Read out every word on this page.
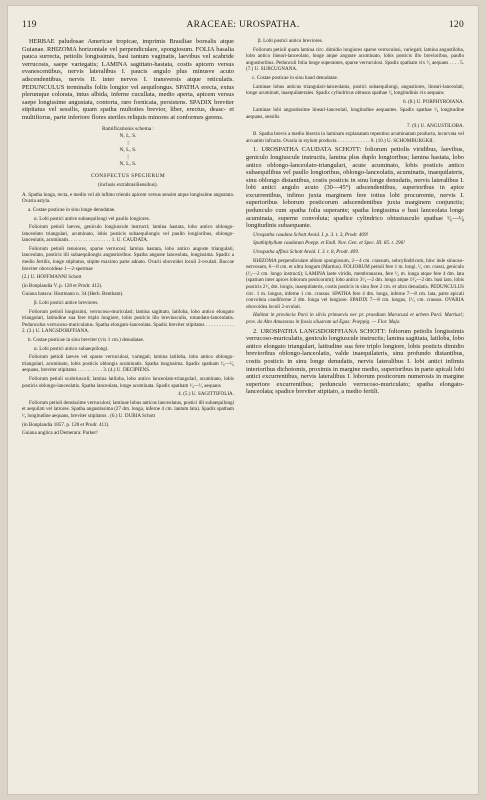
119	ARACEAE: UROSPATHA.	120

HERBAE paludosae Americae tropicae, imprimis Brasiliae borealis atque Guianae. RHIZOMA horizontale vel perpendiculare, spongiosum. FOLIA basalia pauca surrecta, petiolis longissimis, basi tantum vaginatis, laevibus vel scabride verrucosis, saepe variegatis; LAMINA sagittato-hastata, costis apicem versus evanescentibus, nervis lateralibus I. paucis angulo plus minusve acuto adscendentibus, nervis II. inter nervos I. transversis atque reticulatis. PEDUNCULUS terminalis foliis longior vel aequilongus. SPATHA erecta, extus plerumque colorata, intus albida, inferne cucullata, medio aperta, apicem versus saepe longissime angustata, contorta, raro fornicata, persistens. SPADIX breviter stipitatus vel sessilis, quam spatha multoties brevior, liber, erectus, deasc- et multifiorus, parte inferiore flores steriles reliquis minores at conformes gerens.

Ramificationis schema :
N, L, S.
|
N, L, S.
|
N, L, S.
CONSPECTUS SPECIERUM
(inclusis extrabrasiliensibus).

A. Spatha longa, recta, e medio vel ab infimo trientis apicem versus sensim atque longissime angustata. Ovaria astyla.

a. Costae posticae in sinu longe denudatae.

α. Lobi postici antice subaequilongi vel paullo longiores.

Foliorum petioli laeves, geniculo longiuscule instructi; lamina hastata, lobo antico oblongo-lanceolato triangulari, acuminato, lobis posticis subaequilongis vel paullo longioribus, oblongo-lanceolatis, acuminatis. . . . . . . . . . . . . . . . . 1. U. CAUDATA.

Foliorum petioli tenuiores, sparse verrucosi; lamina hastata, lobo antico anguste triangulari, lanceolato, posticis illi subaequilongis angustioribus. Spatha anguste lanceolata, longissima. Spadix a medio fertilis, longe stipitatus, stipite maximo parte adnato. Ovarii obovoidei loculi 2-ovulati. Baccae breviter obovoideae 1—2-spermae

(2.) U. HOFFMANNI Schott

(in Bonplandia V. p. 128 et Prodr. 412).

Guiana batava: Hostmann n. 34 (Herb. Bentham).

β. Lobi postici antice breviores.

Foliorum petioli longissimi, verrucoso-muriculati; lamina sagittato, latiloba, lobo antico elongato triangulari, latitudine sua fere triplo longiore, lobis posticis illo breviusculis, rotundato-lanceolatis. Pedunculus verrucoso-muriculatus. Spatha elongato-lanceolata. Spadix breviter stipitatus . . . . . . . . . . . 2. (3.) U. LANGSDORFFIANA.

b. Costae posticae in sinu breviter (vix 1 cm.) denudatae.

α. Lobi postici antico subaequilongi.

Foliorum petioli laeves vel sparse verruculosi, variegati; lamina latiloba, lobo antico oblongo-triangulari, acuminato, lobis posticis oblongis acuminatis. Spatha longissima. Spadix spatham ¹⁄₆—¹⁄₈ aequans, breviter stipitatus . . . . . . . . . . 3. (4.) U. DECIPIENS.

Foliorum petioli scabriusculi; lamina latiloba, lobo antico lanceolato-triangulari, acuminato, lobis posticis oblongo-lanceolatis. Spatha lanceolata, longe acuminata. Spadix spatham ¹⁄₄—¹⁄₃ aequans

4. (5.) U. SAGITTIFOLIA.

Foliorum petioli densissime verruculosi; laminae lobus anticus lanceolatus, postici illi subaequilongi et aequilati vel latiores. Spatha angustissima (27 dm. longa, inferne 4 cm. lantum lata). Spadix spatham ¹⁄₅ longitudine aequans, breviter stipitatus . (6.) U. DUBIA Schott

(in Bonplandia 1857. p. 128 et Prodr. 411).

Guiana anglica ad Demerara: Parker!

β. Lobi postici antico breviores.

Foliorum petioli quam lamina circ. dimidio longiores sparse verruculosi, variegati; lamina angustiloba, lobo antico lineari-lanceolato, longe atque anguste acuminato, lobis posticis illo brevioribus, paullo angustioribus. Pedunculi folia longe superantes, sparse verruculosi. Spadix spatham vix ¹⁄₅ aequans . . . . 5. (7.) U. SUBCUGNANA.

c. Costae posticae in sinu haud denudatae.

Laminae lobus anticus triangulari-lanceolatus, postici subaequilongi, angustiores, lineari-lanceolati, longe acuminati, inaequilaterales. Spadix cylindricus obtusus spathae ¹⁄₆ longitudinis vix aequans

6. (8.) U. PORPHYROIANA.

Laminae lobi angustissime lineari-lanceolati, longitudine aequantes. Spadix spathae ¹⁄₆ longitudine aequans, sessilis

7. (9.) U. ANGUSTILOBA.

B. Spatha brevis a medio bisecta in laminam explanatam repentino acuminatam producta, incurvata vel arcuatim infracta. Ovaria in stylum producta . . . . . . . . . . . . . 8. (10.) U. SCHOMBURGKII.

1. UROSPATHA CAUDATA SCHOTT: foliorum petiolis viridibus, laevibus, geniculo longiuscule instructis, lamina plus duplo longioribus; lamina hastata, lobo antico oblongo-lanceolato-triangulari, acute acuminato, lobis posticis antico subaequilibus vel paullo longioribus, oblongo-lanceolatis, acuminatis, inaequilateris, sinu oblongo distantibus, costis posticis in sinu longe denudatis, nervis lateralibus I. lobi antici angulo acuto (30—45°) adscendentibus, superioribus in apice excurrentibus, infimo juxta marginem fere totius lobi procurrente, nervis I. superioribus loborum posticorum adscendentibus juxta marginem conjunctis; pedunculo cum spatha folia superante; spatha longissima e basi lanceolata longe acuminata, superne convoluta; spadice cylindrico obtusiusculo spathae ¹⁄₆—¹⁄₈ longitudinis subaequante.

Urospatha caudata Schott Aroid. I. p. 3. t. 3, Prodr. 409!

Spathiphyllum caudatum Poepp. et Endl. Nov. Gen. et Spec. III. 85. t. 296!

Urospatha affinis Schott Aroid. I. 3. t. 8, Prodr. 409.

RHIZOMA perpendiculare album spongiosum, 2—4 cm. crassum, subcylindricum, hinc inde sinuoso-nervosum, 6—8 cm. et ultra longum (Martius). FOLIORUM petioli fere 1 m. longi, ¹⁄₂ cm. crassi, geniculo (¹⁄₂—2 cm. longo instructi); LAMINA laete viridis, membranacea, fere ¹⁄₂ m. longa atque fere 4 dm. lata (spatium inter apices loborum posticorum); lobo antico 3¹⁄₂—2 dm. longo atque 1²⁄₃—2 dm. basi lato, lobis posticis 2¹⁄₃ dm. longis, inaequilateris, costis posticis in sinu fere 2 cm. et ultra denudatis. PEDUNCULUS circ. 1 m. longus, inferne 1 cm. crassus. SPATHA fere 4 dm. longa, inferne 7—8 cm. lata, parte apicali convoluta caudiforme 2 dm. longa vel longiore. SPADIX 7—8 cm. longus, 1¹⁄₂ cm. crassus. OVARIA obovoidea loculi 2-ovulati.

Habitat in provincia Pará in silvis primaevis nec pr. praedium Maracuzá et urbem Pará: Martius!; prov. do Alto Amazonas in fossis siluarum ad Egas: Poeppig. — Flor. Majo.

2. UROSPATHA LANGSDORFFIANA SCHOTT: foliorum petiolis longissimis verrucoso-muriculatis, geniculo longiuscule instructis; lamina sagittata, latiloba, lobo antico elongato triangulari, latitudine sua fere triplo longiore, lobis posticis dimidio brevioribus oblongo-lanceolatis, valde inaequilateris, sinu profundo distantibus, costis posticis in sinu longe denudatis, nervis lateralibus I. lobi antici infimis interioribus dichotomis, proximis in margine medio, superioribus in parte apicali lobi antici excurrentibus, nervis lateralibus I. loborum posticorum numerosis in margine superiore excurrentibus; pedunculo verrucoso-muriculato; spatha elongato-lanceolata; spadice breviter stipitato, a medio fertili.
